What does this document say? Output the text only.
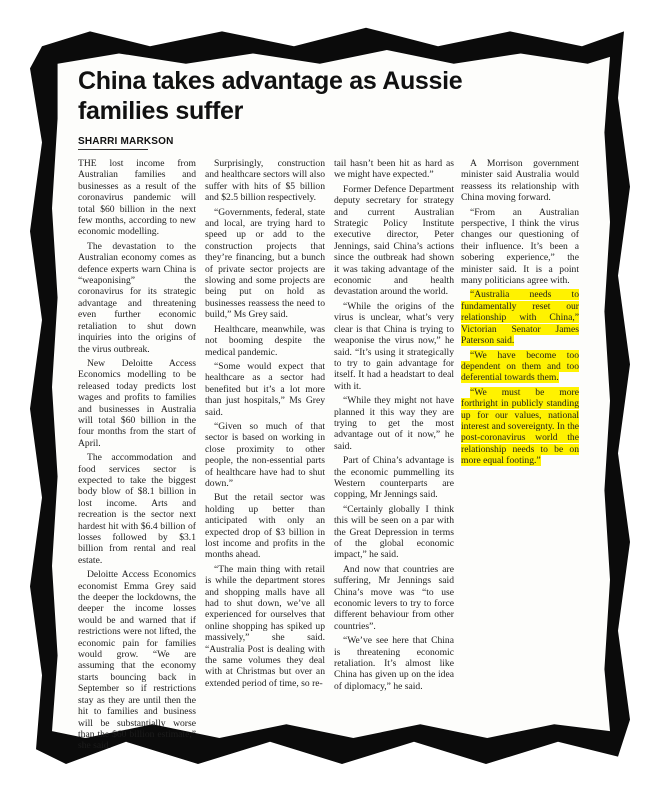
China takes advantage as Aussie families suffer
SHARRI MARKSON

THE lost income from Australian families and businesses as a result of the coronavirus pandemic will total $60 billion in the next few months, according to new economic modelling.

The devastation to the Australian economy comes as defence experts warn China is “weaponising” the coronavirus for its strategic advantage and threatening even further economic retaliation to shut down inquiries into the origins of the virus outbreak.

New Deloitte Access Economics modelling to be released today predicts lost wages and profits to families and businesses in Australia will total $60 billion in the four months from the start of April.

The accommodation and food services sector is expected to take the biggest body blow of $8.1 billion in lost income. Arts and recreation is the sector next hardest hit with $6.4 billion of losses followed by $3.1 billion from rental and real estate.

Deloitte Access Economics economist Emma Grey said the deeper the lockdowns, the deeper the income losses would be and warned that if restrictions were not lifted, the economic pain for families would grow. “We are assuming that the economy starts bouncing back in September so if restrictions stay as they are until then the hit to families and business will be substantially worse than the $60 billion estimate,” she said.

Surprisingly, construction and healthcare sectors will also suffer with hits of $5 billion and $2.5 billion respectively.

“Governments, federal, state and local, are trying hard to speed up or add to the construction projects that they’re financing, but a bunch of private sector projects are slowing and some projects are being put on hold as businesses reassess the need to build,” Ms Grey said.

Healthcare, meanwhile, was not booming despite the medical pandemic.

“Some would expect that healthcare as a sector had benefited but it’s a lot more than just hospitals,” Ms Grey said.

“Given so much of that sector is based on working in close proximity to other people, the non-essential parts of healthcare have had to shut down.”

But the retail sector was holding up better than anticipated with only an expected drop of $3 billion in lost income and profits in the months ahead.

“The main thing with retail is while the department stores and shopping malls have all had to shut down, we’ve all experienced for ourselves that online shopping has spiked up massively,” she said. “Australia Post is dealing with the same volumes they deal with at Christmas but over an extended period of time, so re-

tail hasn’t been hit as hard as we might have expected.”

Former Defence Department deputy secretary for strategy and current Australian Strategic Policy Institute executive director, Peter Jennings, said China’s actions since the outbreak had shown it was taking advantage of the economic and health devastation around the world.

“While the origins of the virus is unclear, what’s very clear is that China is trying to weaponise the virus now,” he said. “It’s using it strategically to try to gain advantage for itself. It had a headstart to deal with it.

“While they might not have planned it this way they are trying to get the most advantage out of it now,” he said.

Part of China’s advantage is the economic pummelling its Western counterparts are copping, Mr Jennings said.

“Certainly globally I think this will be seen on a par with the Great Depression in terms of the global economic impact,” he said.

And now that countries are suffering, Mr Jennings said China’s move was “to use economic levers to try to force different behaviour from other countries”.

“We’ve see here that China is threatening economic retaliation. It’s almost like China has given up on the idea of diplomacy,” he said.

A Morrison government minister said Australia would reassess its relationship with China moving forward.

“From an Australian perspective, I think the virus changes our questioning of their influence. It’s been a sobering experience,” the minister said. It is a point many politicians agree with.

“Australia needs to fundamentally reset our relationship with China,” Victorian Senator James Paterson said.

“We have become too dependent on them and too deferential towards them.

“We must be more forthright in publicly standing up for our values, national interest and sovereignty. In the post-coronavirus world the relationship needs to be on more equal footing.”
